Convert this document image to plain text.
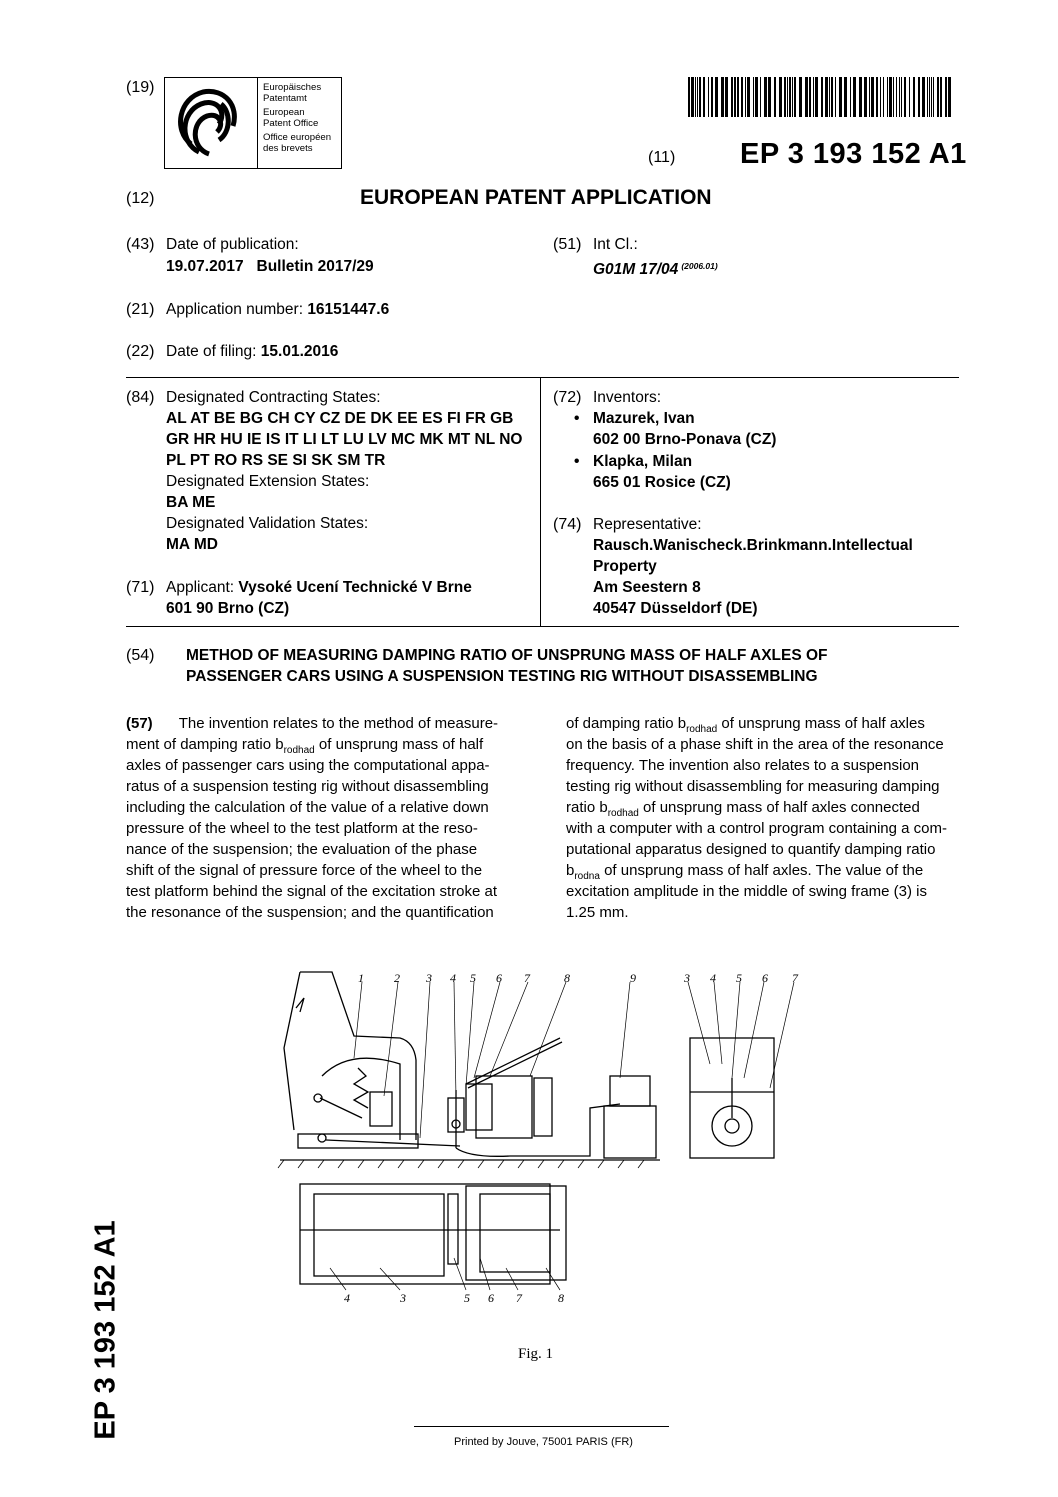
(19)	Europäisches
Patentamt
European
Patent Office
Office européen
des brevets
(11) EP 3 193 152 A1
(12)	EUROPEAN PATENT APPLICATION
(43) Date of publication:
19.07.2017   Bulletin 2017/29
(51) Int Cl.:
G01M 17/04 $^{(2006.01)}$
(21) Application number: 16151447.6
(22) Date of filing: 15.01.2016
(84) Designated Contracting States:
AL AT BE BG CH CY CZ DE DK EE ES FI FR GB
GR HR HU IE IS IT LI LT LU LV MC MK MT NL NO
PL PT RO RS SE SI SK SM TR
Designated Extension States:
BA ME
Designated Validation States:
MA MD
(71) Applicant: Vysoké Ucení Technické V Brne
601 90 Brno (CZ)
(72) Inventors:
• Mazurek, Ivan
602 00 Brno-Ponava (CZ)
• Klapka, Milan
665 01 Rosice (CZ)
(74) Representative:
Rausch.Wanischeck.Brinkmann.Intellectual
Property
Am Seestern 8
40547 Düsseldorf (DE)
(54) METHOD OF MEASURING DAMPING RATIO OF UNSPRUNG MASS OF HALF AXLES OF
PASSENGER CARS USING A SUSPENSION TESTING RIG WITHOUT DISASSEMBLING
(57) The invention relates to the method of measure-
ment of damping ratio $b_{rodhad}$ of unsprung mass of half
axles of passenger cars using the computational appa-
ratus of a suspension testing rig without disassembling
including the calculation of the value of a relative down
pressure of the wheel to the test platform at the reso-
nance of the suspension; the evaluation of the phase
shift of the signal of pressure force of the wheel to the
test platform behind the signal of the excitation stroke at
the resonance of the suspension; and the quantification
of damping ratio $b_{rodhad}$ of unsprung mass of half axles
on the basis of a phase shift in the area of the resonance
frequency. The invention also relates to a suspension
testing rig without disassembling for measuring damping
ratio $b_{rodhad}$ of unsprung mass of half axles connected
with a computer with a control program containing a com-
putational apparatus designed to quantify damping ratio
$b_{rodna}$ of unsprung mass of half axles. The value of the
excitation amplitude in the middle of swing frame (3) is
1.25 mm.
1	2 3 4 5 6 7	8	9	3 4 5 6 7
4	3	5 6 7	8
Fig. 1
EP 3 193 152 A1
Printed by Jouve, 75001 PARIS (FR)
